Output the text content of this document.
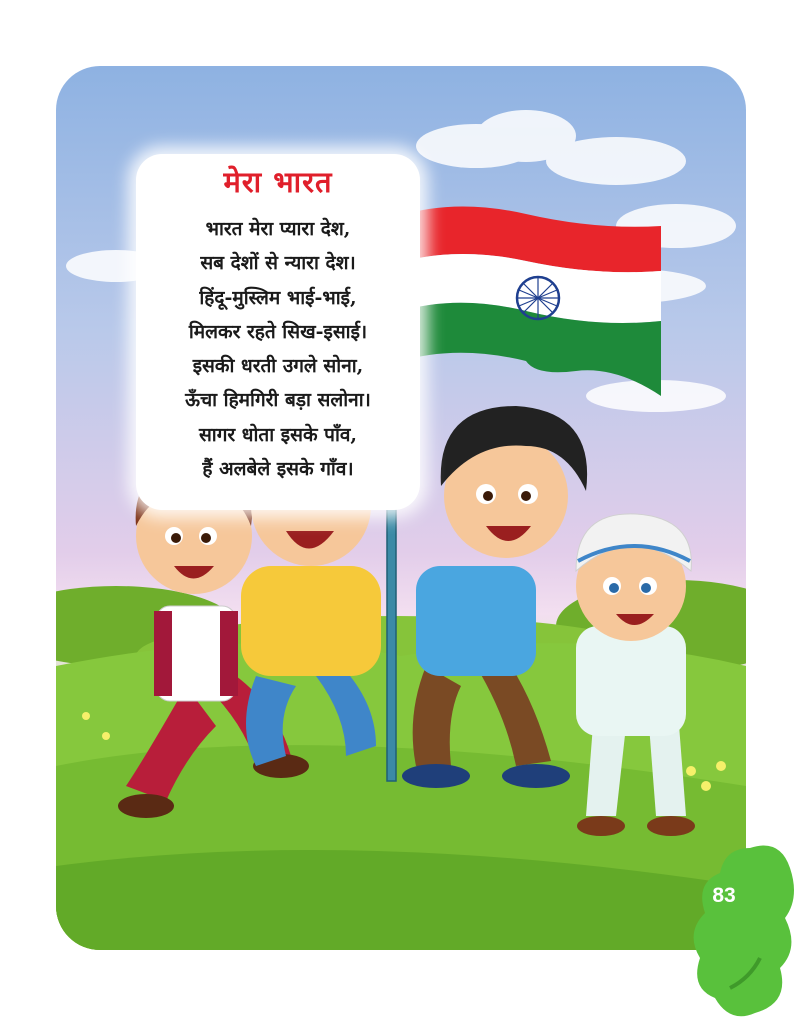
मेरा भारत
भारत मेरा प्यारा देश,
सब देशों से न्यारा देश।
हिंदू-मुस्लिम भाई-भाई,
मिलकर रहते सिख-इसाई।
इसकी धरती उगले सोना,
ऊँचा हिमगिरी बड़ा सलोना।
सागर धोता इसके पाँव,
हैं अलबेले इसके गाँव।
83
